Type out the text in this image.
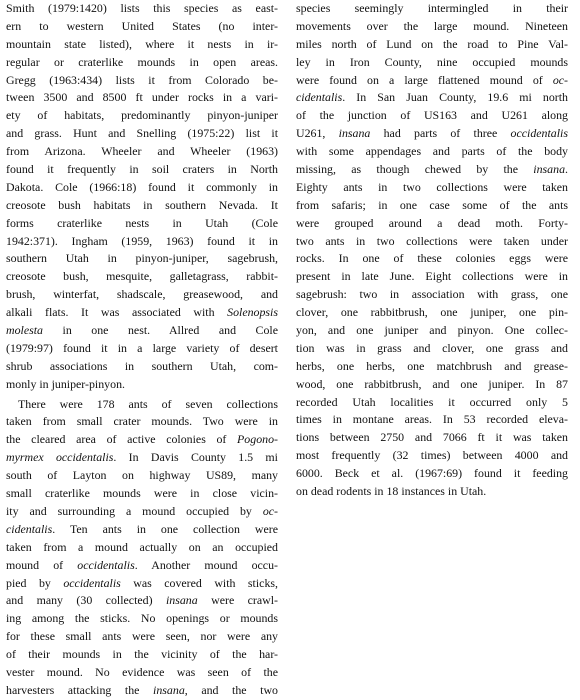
Smith (1979:1420) lists this species as east-
ern to western United States (no inter-
mountain state listed), where it nests in ir-
regular or craterlike mounds in open areas.
Gregg (1963:434) lists it from Colorado be-
tween 3500 and 8500 ft under rocks in a vari-
ety of habitats, predominantly pinyon-juniper
and grass. Hunt and Snelling (1975:22) list it
from Arizona. Wheeler and Wheeler (1963)
found it frequently in soil craters in North
Dakota. Cole (1966:18) found it commonly in
creosote bush habitats in southern Nevada. It
forms craterlike nests in Utah (Cole
1942:371). Ingham (1959, 1963) found it in
southern Utah in pinyon-juniper, sagebrush,
creosote bush, mesquite, galletagrass, rabbit-
brush, winterfat, shadscale, greasewood, and
alkali flats. It was associated with Solenopsis
molesta in one nest. Allred and Cole
(1979:97) found it in a large variety of desert
shrub associations in southern Utah, com-
monly in juniper-pinyon.
There were 178 ants of seven collections
taken from small crater mounds. Two were in
the cleared area of active colonies of Pogono-
myrmex occidentalis. In Davis County 1.5 mi
south of Layton on highway US89, many
small craterlike mounds were in close vicin-
ity and surrounding a mound occupied by oc-
cidentalis. Ten ants in one collection were
taken from a mound actually on an occupied
mound of occidentalis. Another mound occu-
pied by occidentalis was covered with sticks,
and many (30 collected) insana were crawl-
ing among the sticks. No openings or mounds
for these small ants were seen, nor were any
of their mounds in the vicinity of the har-
vester mound. No evidence was seen of the
harvesters attacking the insana, and the two
species seemingly intermingled in their
movements over the large mound. Nineteen
miles north of Lund on the road to Pine Val-
ley in Iron County, nine occupied mounds
were found on a large flattened mound of oc-
cidentalis. In San Juan County, 19.6 mi north
of the junction of US163 and U261 along
U261, insana had parts of three occidentalis
with some appendages and parts of the body
missing, as though chewed by the insana.
Eighty ants in two collections were taken
from safaris; in one case some of the ants
were grouped around a dead moth. Forty-
two ants in two collections were taken under
rocks. In one of these colonies eggs were
present in late June. Eight collections were in
sagebrush: two in association with grass, one
clover, one rabbitbrush, one juniper, one pin-
yon, and one juniper and pinyon. One collec-
tion was in grass and clover, one grass and
herbs, one herbs, one matchbrush and grease-
wood, one rabbitbrush, and one juniper. In 87
recorded Utah localities it occurred only 5
times in montane areas. In 53 recorded eleva-
tions between 2750 and 7066 ft it was taken
most frequently (32 times) between 4000 and
6000. Beck et al. (1967:69) found it feeding
on dead rodents in 18 instances in Utah.
